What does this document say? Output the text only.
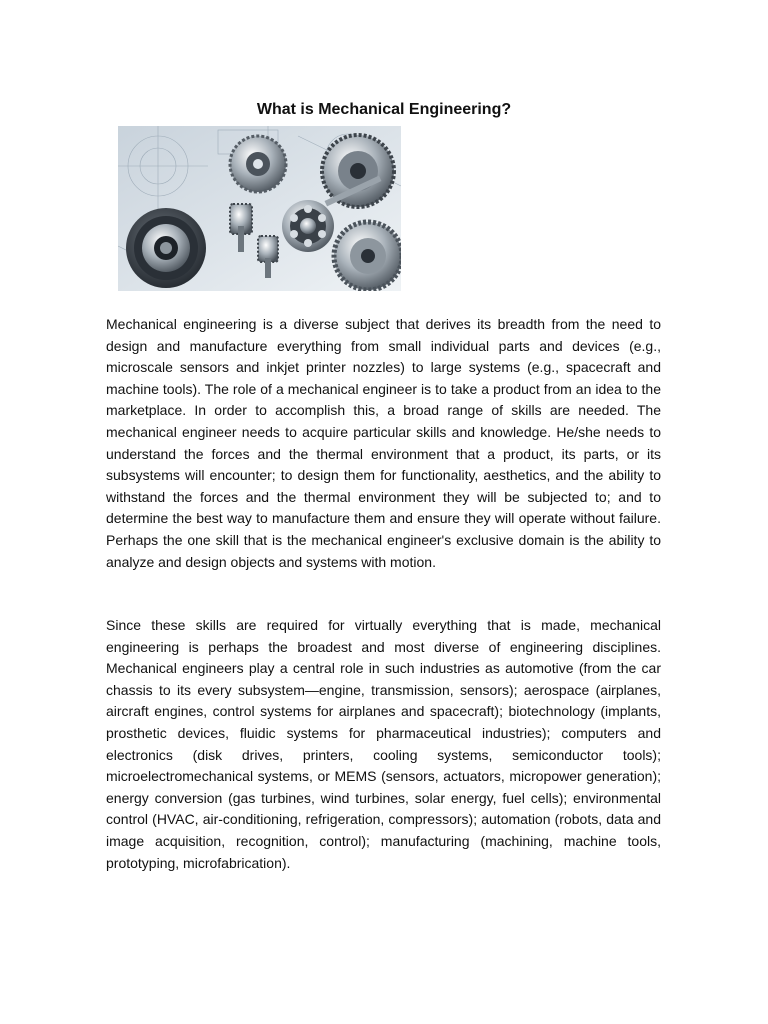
What is Mechanical Engineering?

Mechanical engineering is a diverse subject that derives its breadth from the need to design and manufacture everything from small individual parts and devices (e.g., microscale sensors and inkjet printer nozzles) to large systems (e.g., spacecraft and machine tools). The role of a mechanical engineer is to take a product from an idea to the marketplace. In order to accomplish this, a broad range of skills are needed. The mechanical engineer needs to acquire particular skills and knowledge. He/she needs to understand the forces and the thermal environment that a product, its parts, or its subsystems will encounter; to design them for functionality, aesthetics, and the ability to withstand the forces and the thermal environment they will be subjected to; and to determine the best way to manufacture them and ensure they will operate without failure. Perhaps the one skill that is the mechanical engineer's exclusive domain is the ability to analyze and design objects and systems with motion.

Since these skills are required for virtually everything that is made, mechanical engineering is perhaps the broadest and most diverse of engineering disciplines. Mechanical engineers play a central role in such industries as automotive (from the car chassis to its every subsystem—engine, transmission, sensors); aerospace (airplanes, aircraft engines, control systems for airplanes and spacecraft); biotechnology (implants, prosthetic devices, fluidic systems for pharmaceutical industries); computers and electronics (disk drives, printers, cooling systems, semiconductor tools); microelectromechanical systems, or MEMS (sensors, actuators, micropower generation); energy conversion (gas turbines, wind turbines, solar energy, fuel cells); environmental control (HVAC, air-conditioning, refrigeration, compressors); automation (robots, data and image acquisition, recognition, control); manufacturing (machining, machine tools, prototyping, microfabrication).
